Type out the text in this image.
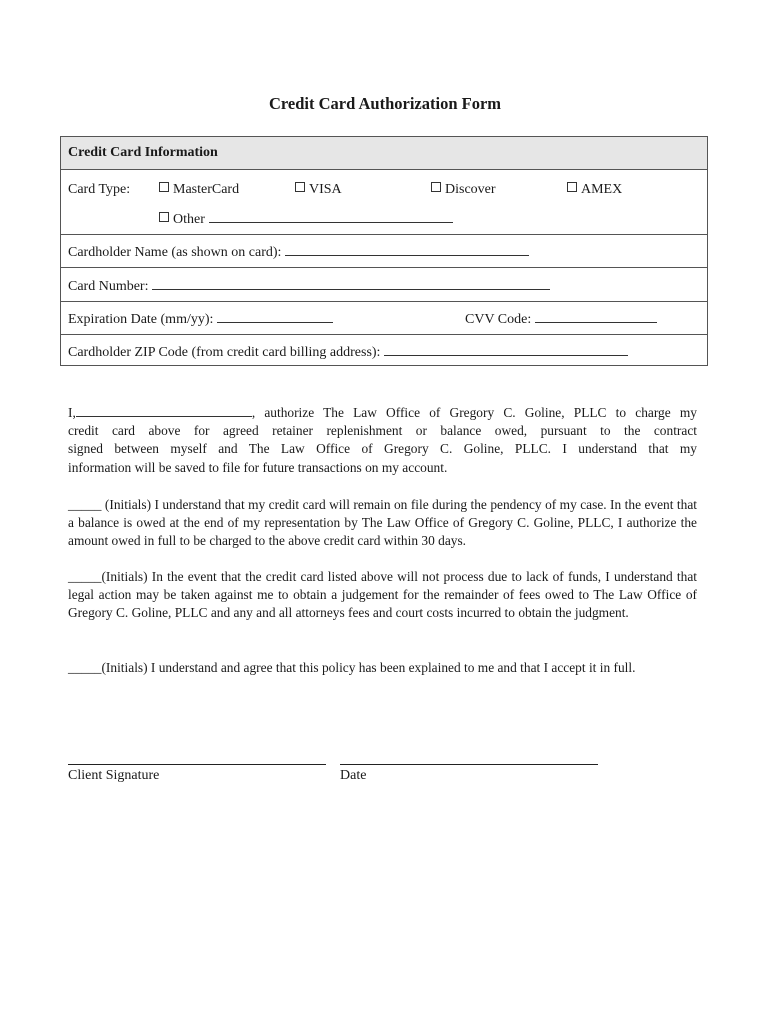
Credit Card Authorization Form
Credit Card Information
Card Type:	MasterCard	VISA	Discover	AMEX
Other
Cardholder Name (as shown on card):
Card Number:
Expiration Date (mm/yy):	CVV Code:
Cardholder ZIP Code (from credit card billing address):
I,	, authorize The Law Office of Gregory C. Goline, PLLC to charge my
credit card above for agreed retainer replenishment or balance owed, pursuant to the contract
signed between myself and The Law Office of Gregory C. Goline, PLLC. I understand that my
information will be saved to file for future transactions on my account.
_____ (Initials) I understand that my credit card will remain on file during the pendency of my case. In the event that a balance is owed at the end of my representation by The Law Office of Gregory C. Goline, PLLC, I authorize the amount owed in full to be charged to the above credit card within 30 days.
_____(Initials) In the event that the credit card listed above will not process due to lack of funds, I understand that legal action may be taken against me to obtain a judgement for the remainder of fees owed to The Law Office of Gregory C. Goline, PLLC and any and all attorneys fees and court costs incurred to obtain the judgment.
_____(Initials) I understand and agree that this policy has been explained to me and that I accept it in full.
Client Signature	Date
